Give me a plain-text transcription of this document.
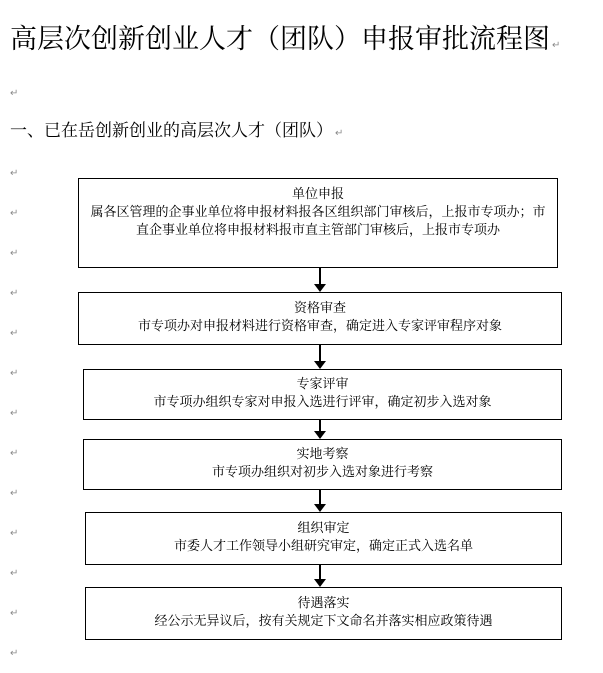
高层次创新创业人才（团队）申报审批流程图 ↵
↵
一、已在岳创新创业的高层次人才（团队） ↵
↵
↵
↵
↵
↵
↵
↵
↵
↵
↵
↵
↵
↵
单位申报
属各区管理的企事业单位将申报材料报各区组织部门审核后，上报市专项办；市直企事业单位将申报材料报市直主管部门审核后，上报市专项办
资格审查
市专项办对申报材料进行资格审查，确定进入专家评审程序对象
专家评审
市专项办组织专家对申报入选进行评审，确定初步入选对象
实地考察
市专项办组织对初步入选对象进行考察
组织审定
市委人才工作领导小组研究审定，确定正式入选名单
待遇落实
经公示无异议后，按有关规定下文命名并落实相应政策待遇
